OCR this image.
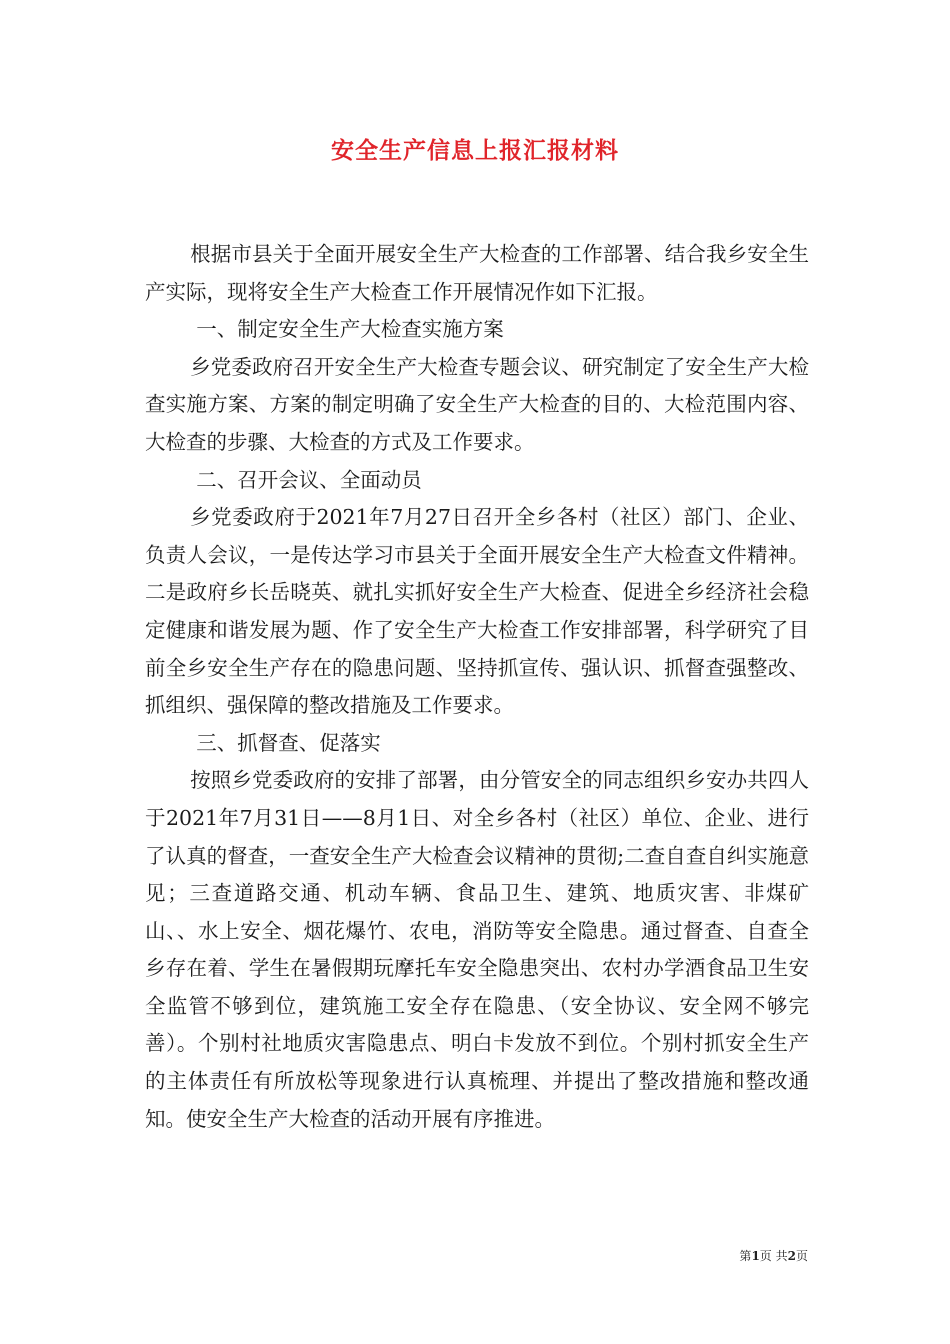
安全生产信息上报汇报材料

根据市县关于全面开展安全生产大检查的工作部署、结合我乡安全生产实际，现将安全生产大检查工作开展情况作如下汇报。

一、制定安全生产大检查实施方案

乡党委政府召开安全生产大检查专题会议、研究制定了安全生产大检查实施方案、方案的制定明确了安全生产大检查的目的、大检范围内容、大检查的步骤、大检查的方式及工作要求。

二、召开会议、全面动员

乡党委政府于2021年7月27日召开全乡各村（社区）部门、企业、负责人会议，一是传达学习市县关于全面开展安全生产大检查文件精神。二是政府乡长岳晓英、就扎实抓好安全生产大检查、促进全乡经济社会稳定健康和谐发展为题、作了安全生产大检查工作安排部署，科学研究了目前全乡安全生产存在的隐患问题、坚持抓宣传、强认识、抓督查强整改、抓组织、强保障的整改措施及工作要求。

三、抓督查、促落实

按照乡党委政府的安排了部署，由分管安全的同志组织乡安办共四人于2021年7月31日——8月1日、对全乡各村（社区）单位、企业、进行了认真的督查，一查安全生产大检查会议精神的贯彻;二查自查自纠实施意见；三查道路交通、机动车辆、食品卫生、建筑、地质灾害、非煤矿山、、水上安全、烟花爆竹、农电，消防等安全隐患。通过督查、自查全乡存在着、学生在暑假期玩摩托车安全隐患突出、农村办学酒食品卫生安全监管不够到位，建筑施工安全存在隐患、（安全协议、安全网不够完善）。个别村社地质灾害隐患点、明白卡发放不到位。个别村抓安全生产的主体责任有所放松等现象进行认真梳理、并提出了整改措施和整改通知。使安全生产大检查的活动开展有序推进。

第1页 共2页
